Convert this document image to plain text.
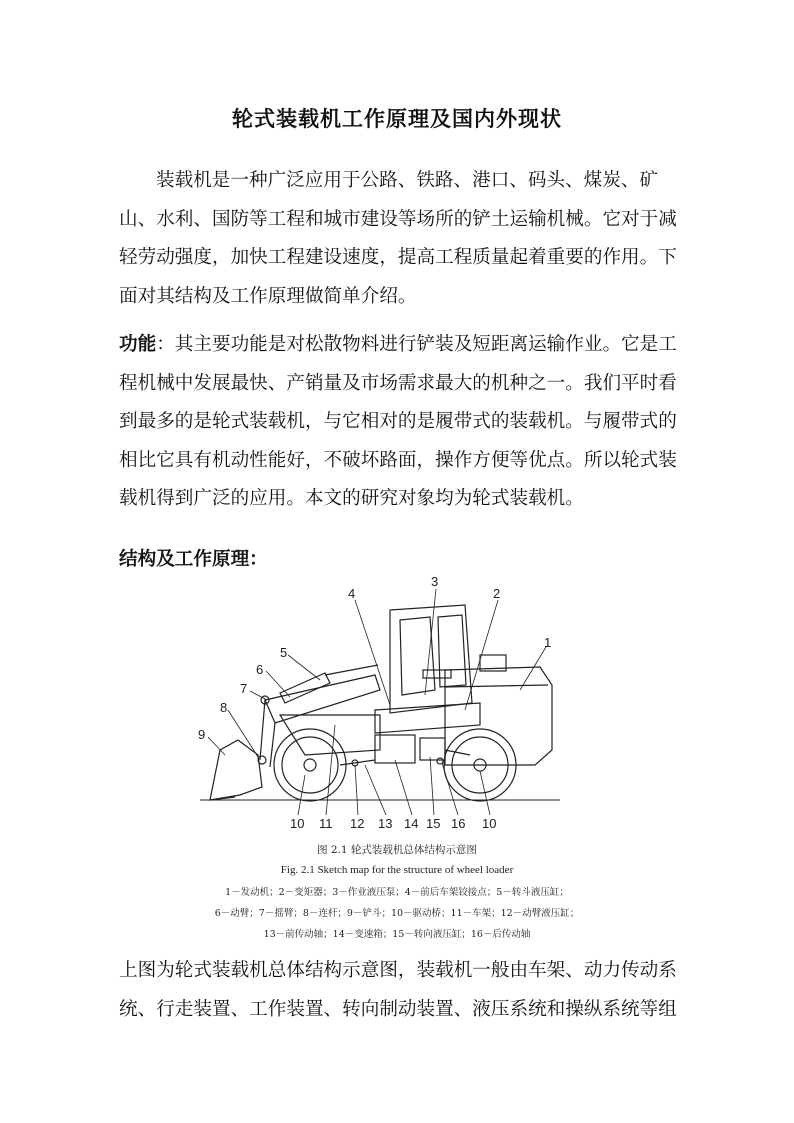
轮式装载机工作原理及国内外现状

装载机是一种广泛应用于公路、铁路、港口、码头、煤炭、矿山、水利、国防等工程和城市建设等场所的铲土运输机械。它对于减轻劳动强度，加快工程建设速度，提高工程质量起着重要的作用。下面对其结构及工作原理做简单介绍。

功能：其主要功能是对松散物料进行铲装及短距离运输作业。它是工程机械中发展最快、产销量及市场需求最大的机种之一。我们平时看到最多的是轮式装载机，与它相对的是履带式的装载机。与履带式的相比它具有机动性能好，不破坏路面，操作方便等优点。所以轮式装载机得到广泛的应用。本文的研究对象均为轮式装载机。

结构及工作原理：

3
4	2
1
5
6
7
8
9
10 11 12 13 14 15 16 10
图 2.1 轮式装载机总体结构示意图
Fig. 2.1 Sketch map for the structure of wheel loader
1－发动机；2－变矩器；3－作业液压泵；4－前后车架铰接点；5－转斗液压缸；
6－动臂；7－摇臂；8－连杆；9－铲斗；10－驱动桥；11－车架；12－动臂液压缸；
13－前传动轴；14－变速箱；15－转向液压缸；16－后传动轴

上图为轮式装载机总体结构示意图，装载机一般由车架、动力传动系统、行走装置、工作装置、转向制动装置、液压系统和操纵系统等组
